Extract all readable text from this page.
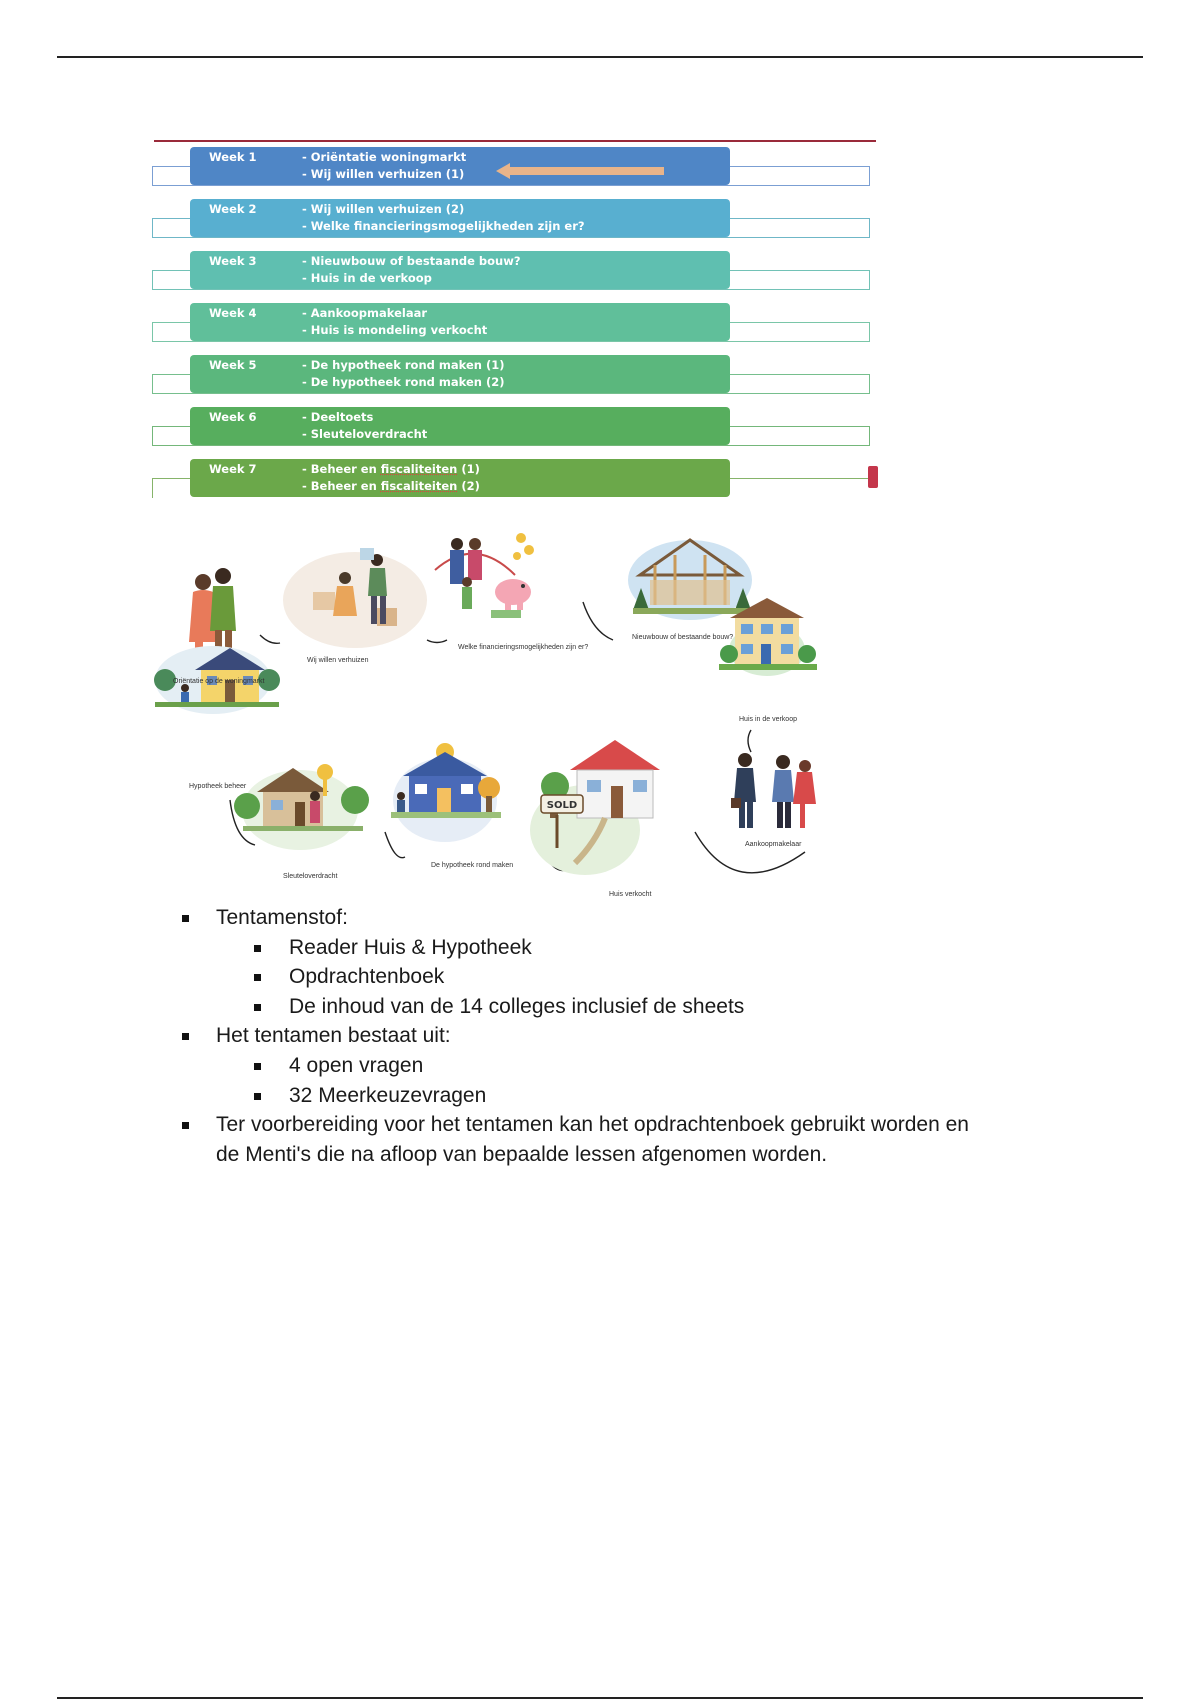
Week 1	- Oriëntatie woningmarkt
- Wij willen verhuizen (1)
Week 2	- Wij willen verhuizen (2)
- Welke financieringsmogelijkheden zijn er?
Week 3	- Nieuwbouw of bestaande bouw?
- Huis in de verkoop
Week 4	- Aankoopmakelaar
- Huis is mondeling verkocht
Week 5	- De hypotheek rond maken (1)
- De hypotheek rond maken (2)
Week 6	- Deeltoets
- Sleuteloverdracht
Week 7	- Beheer en fiscaliteiten (1)
- Beheer en fiscaliteiten (2)
SOLD
Oriëntatie op de woningmarkt
Wij willen verhuizen
Welke financieringsmogelijkheden zijn er?
Nieuwbouw of bestaande bouw?
Huis in de verkoop
Aankoopmakelaar
Huis verkocht
De hypotheek rond maken
Sleuteloverdracht
Hypotheek beheer
Tentamenstof:
Reader Huis & Hypotheek
Opdrachtenboek
De inhoud van de 14 colleges inclusief de sheets
Het tentamen bestaat uit:
4 open vragen
32 Meerkeuzevragen
Ter voorbereiding voor het tentamen kan het opdrachtenboek gebruikt worden en
de Menti's die na afloop van bepaalde lessen afgenomen worden.
